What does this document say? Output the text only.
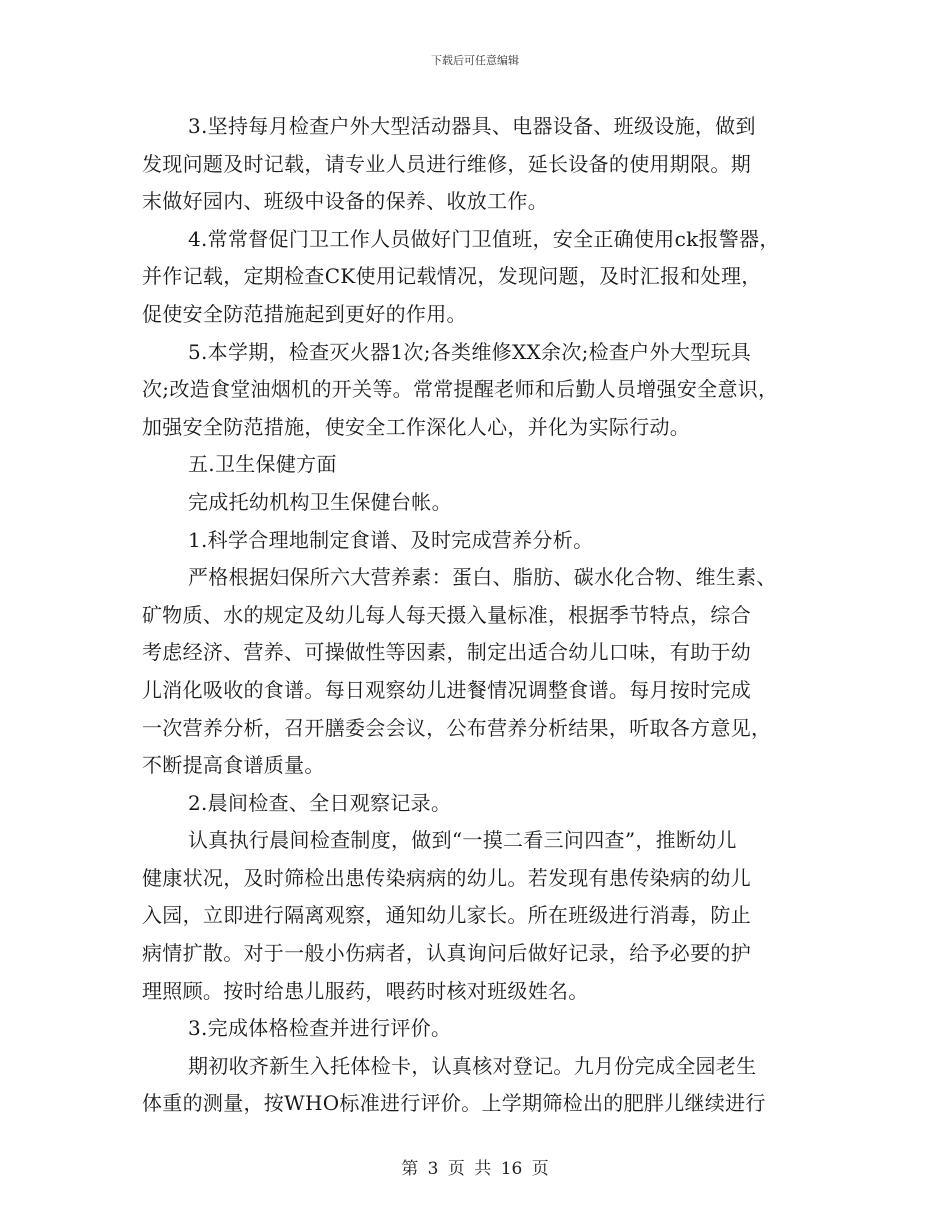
下载后可任意编辑
3.坚持每月检查户外大型活动器具、电器设备、班级设施，做到
发现问题及时记载，请专业人员进行维修，延长设备的使用期限。期
末做好园内、班级中设备的保养、收放工作。
4.常常督促门卫工作人员做好门卫值班，安全正确使用ck报警器，
并作记载，定期检查CK使用记载情况，发现问题，及时汇报和处理，
促使安全防范措施起到更好的作用。
5.本学期，检查灭火器1次;各类维修XX余次;检查户外大型玩具
次;改造食堂油烟机的开关等。常常提醒老师和后勤人员增强安全意识，
加强安全防范措施，使安全工作深化人心，并化为实际行动。
五.卫生保健方面
完成托幼机构卫生保健台帐。
1.科学合理地制定食谱、及时完成营养分析。
严格根据妇保所六大营养素：蛋白、脂肪、碳水化合物、维生素、
矿物质、水的规定及幼儿每人每天摄入量标准，根据季节特点，综合
考虑经济、营养、可操做性等因素，制定出适合幼儿口味，有助于幼
儿消化吸收的食谱。每日观察幼儿进餐情况调整食谱。每月按时完成
一次营养分析，召开膳委会会议，公布营养分析结果，听取各方意见，
不断提高食谱质量。
2.晨间检查、全日观察记录。
认真执行晨间检查制度，做到“一摸二看三问四查”，推断幼儿
健康状况，及时筛检出患传染病病的幼儿。若发现有患传染病的幼儿
入园，立即进行隔离观察，通知幼儿家长。所在班级进行消毒，防止
病情扩散。对于一般小伤病者，认真询问后做好记录，给予必要的护
理照顾。按时给患儿服药，喂药时核对班级姓名。
3.完成体格检查并进行评价。
期初收齐新生入托体检卡，认真核对登记。九月份完成全园老生
体重的测量，按WHO标准进行评价。上学期筛检出的肥胖儿继续进行
第 3 页 共 16 页
